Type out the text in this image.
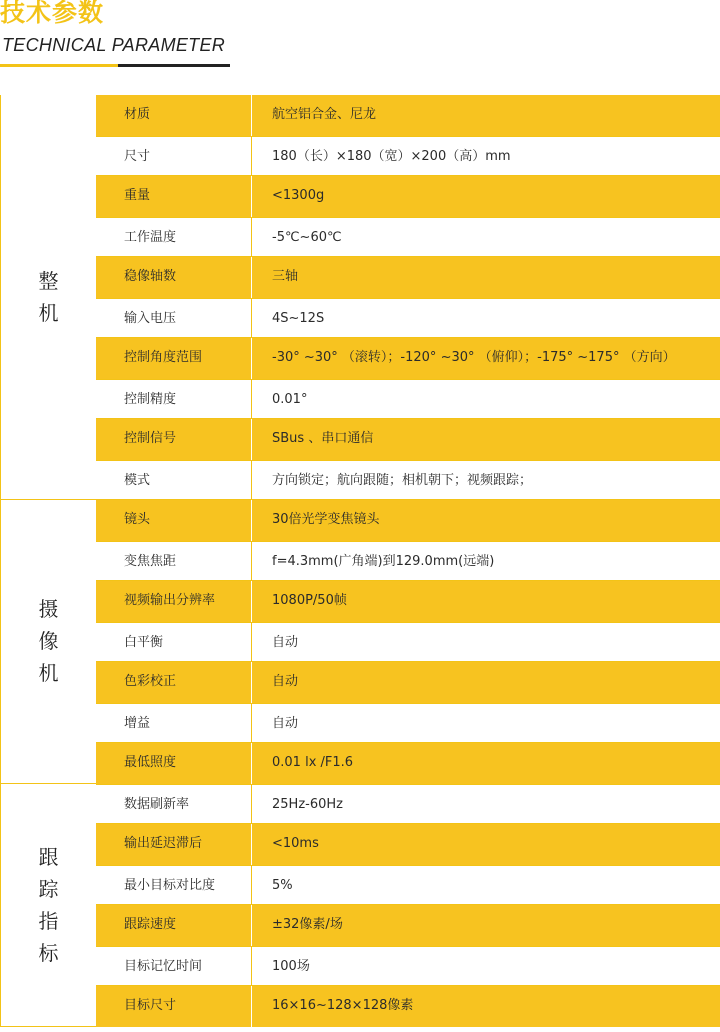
技术参数
TECHNICAL PARAMETER
整机
材质	航空铝合金、尼龙
尺寸	180（长）×180（宽）×200（高）mm
重量	<1300g
工作温度	-5℃~60℃
稳像轴数	三轴
输入电压	4S~12S
控制角度范围	-30° ~30° （滚转）；-120° ~30° （俯仰）；-175° ~175° （方向）
控制精度	0.01°
控制信号	SBus 、串口通信
模式	方向锁定；航向跟随；相机朝下；视频跟踪；
摄像机
镜头	30倍光学变焦镜头
变焦焦距	f=4.3mm(广角端)到129.0mm(远端)
视频输出分辨率	1080P/50帧
白平衡	自动
色彩校正	自动
增益	自动
最低照度	0.01 lx /F1.6
跟踪指标
数据刷新率	25Hz-60Hz
输出延迟滞后	<10ms
最小目标对比度	5%
跟踪速度	±32像素/场
目标记忆时间	100场
目标尺寸	16×16~128×128像素
